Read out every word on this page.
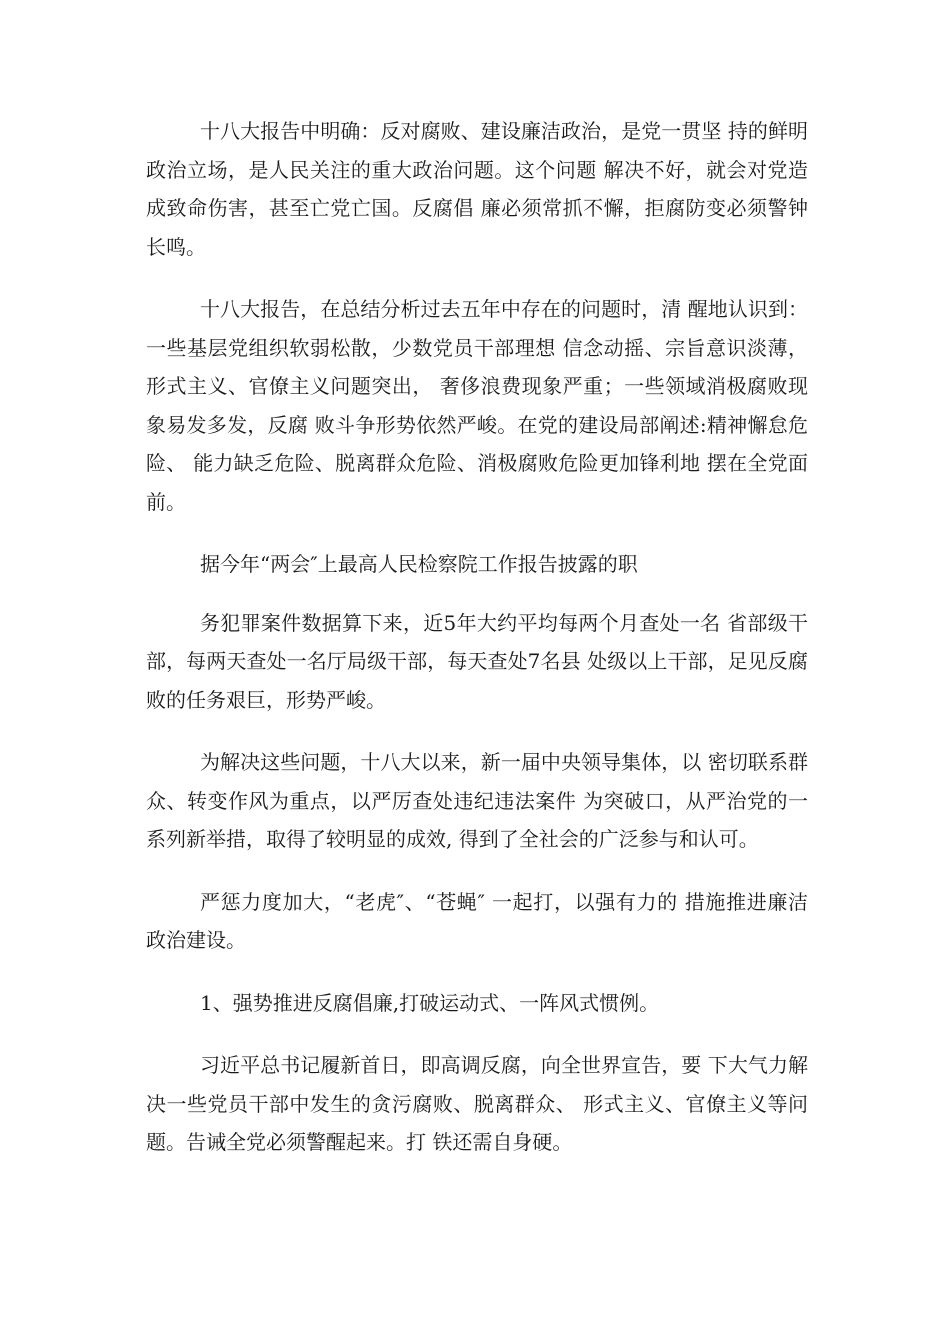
十八大报告中明确：反对腐败、建设廉洁政治，是党一贯坚 持的鲜明政治立场，是人民关注的重大政治问题。这个问题 解决不好，就会对党造成致命伤害，甚至亡党亡国。反腐倡 廉必须常抓不懈，拒腐防变必须警钟长鸣。

十八大报告，在总结分析过去五年中存在的问题时，清 醒地认识到：一些基层党组织软弱松散，少数党员干部理想 信念动摇、宗旨意识淡薄，形式主义、官僚主义问题突出， 奢侈浪费现象严重；一些领域消极腐败现象易发多发，反腐 败斗争形势依然严峻。在党的建设局部阐述:精神懈怠危险、 能力缺乏危险、脱离群众危险、消极腐败危险更加锋利地 摆在全党面前。

据今年“两会″上最高人民检察院工作报告披露的职

务犯罪案件数据算下来，近5年大约平均每两个月查处一名 省部级干部，每两天查处一名厅局级干部，每天查处7名县 处级以上干部，足见反腐败的任务艰巨，形势严峻。

为解决这些问题，十八大以来，新一届中央领导集体，以 密切联系群众、转变作风为重点，以严厉查处违纪违法案件 为突破口，从严治党的一系列新举措，取得了较明显的成效, 得到了全社会的广泛参与和认可。

严惩力度加大，“老虎″、“苍蝇″ 一起打，以强有力的 措施推进廉洁政治建设。

1、强势推进反腐倡廉,打破运动式、一阵风式惯例。

习近平总书记履新首日，即高调反腐，向全世界宣告，要 下大气力解决一些党员干部中发生的贪污腐败、脱离群众、 形式主义、官僚主义等问题。告诫全党必须警醒起来。打 铁还需自身硬。
